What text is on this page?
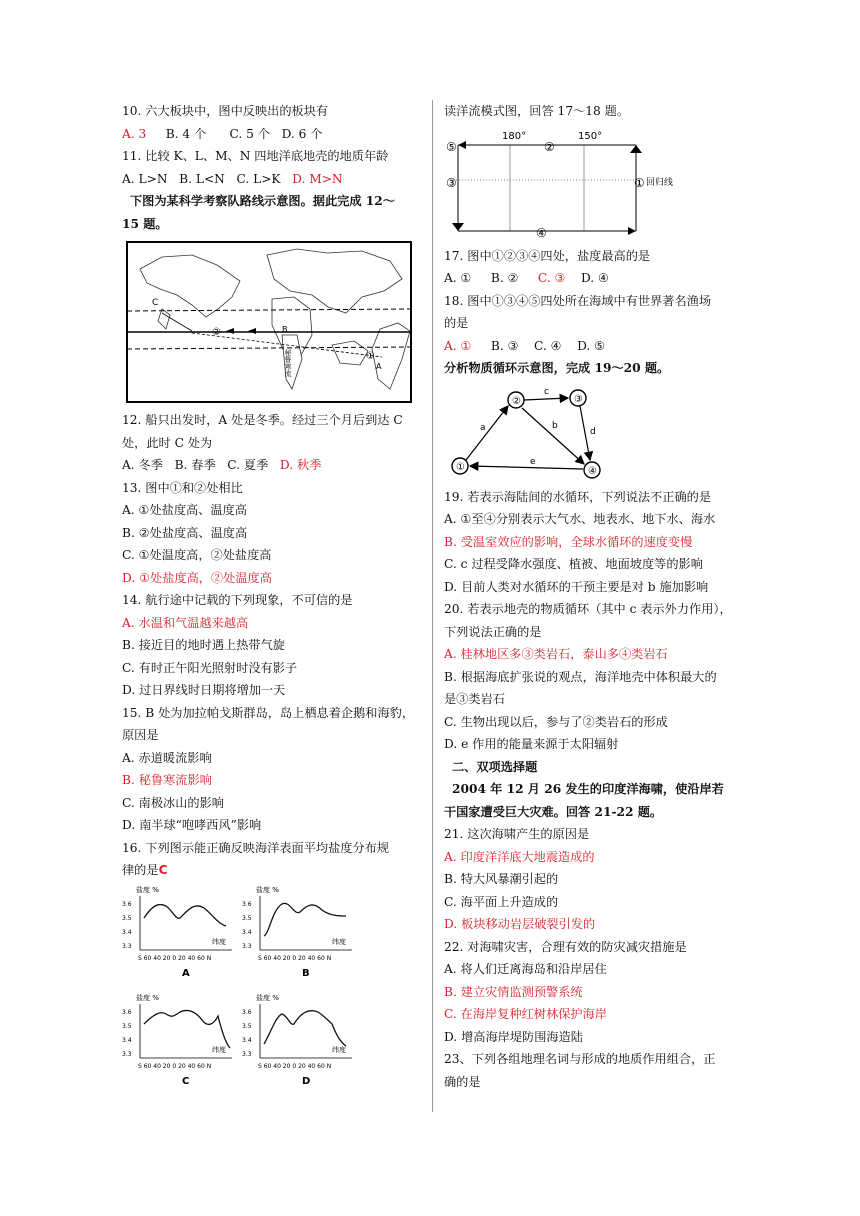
10. 六大板块中，图中反映出的板块有
A. 3 B. 4 个 C. 5 个 D. 6 个
11. 比较 K、L、M、N 四地洋底地壳的地质年龄
A. L>N B. L<N C. L>K D. M>N
下图为某科学考察队路线示意图。据此完成 12～
15 题。
C
B
A
②
①
秘鲁寒流
12. 船只出发时，A 处是冬季。经过三个月后到达 C
处，此时 C 处为
A. 冬季 B. 春季 C. 夏季 D. 秋季
13. 图中①和②处相比
A. ①处盐度高、温度高
B. ②处盐度高、温度高
C. ①处温度高，②处盐度高
D. ①处盐度高，②处温度高
14. 航行途中记载的下列现象，不可信的是
A. 水温和气温越来越高
B. 接近目的地时遇上热带气旋
C. 有时正午阳光照射时没有影子
D. 过日界线时日期将增加一天
15. B 处为加拉帕戈斯群岛，岛上栖息着企鹅和海豹，
原因是
A. 赤道暖流影响
B. 秘鲁寒流影响
C. 南极冰山的影响
D. 南半球“咆哮西风”影响
16. 下列图示能正确反映海洋表面平均盐度分布规
律的是C
盐度 %
3.6
3.5
3.4
3.3
纬度
S 60 40 20 0 20 40 60 N
A
盐度 %
3.6
3.5
3.4
3.3
纬度
S 60 40 20 0 20 40 60 N
B
盐度 %
3.6
3.5
3.4
3.3
纬度
S 60 40 20 0 20 40 60 N
C
盐度 %
3.6
3.5
3.4
3.3
纬度
S 60 40 20 0 20 40 60 N
D
读洋流模式图，回答 17～18 题。
180°	150°
回归线
①
②
③
④
⑤
17. 图中①②③④四处，盐度最高的是
A. ① B. ② C. ③ D. ④
18. 图中①③④⑤四处所在海域中有世界著名渔场
的是
A. ① B. ③ C. ④ D. ⑤
分析物质循环示意图，完成 19～20 题。
①
②	③
④
a	b
c
d
e
19. 若表示海陆间的水循环，下列说法不正确的是
A. ①至④分别表示大气水、地表水、地下水、海水
B. 受温室效应的影响，全球水循环的速度变慢
C. c 过程受降水强度、植被、地面坡度等的影响
D. 目前人类对水循环的干预主要是对 b 施加影响
20. 若表示地壳的物质循环（其中 c 表示外力作用），
下列说法正确的是
A. 桂林地区多③类岩石，泰山多④类岩石
B. 根据海底扩张说的观点，海洋地壳中体积最大的
是③类岩石
C. 生物出现以后，参与了②类岩石的形成
D. e 作用的能量来源于太阳辐射
二、双项选择题
2004 年 12 月 26 发生的印度洋海啸，使沿岸若
干国家遭受巨大灾难。回答 21-22 题。
21. 这次海啸产生的原因是
A. 印度洋洋底大地震造成的
B. 特大风暴潮引起的
C. 海平面上升造成的
D. 板块移动岩层破裂引发的
22. 对海啸灾害，合理有效的防灾减灾措施是
A. 将人们迁离海岛和沿岸居住
B. 建立灾情监测预警系统
C. 在海岸复种红树林保护海岸
D. 增高海岸堤防围海造陆
23、下列各组地理名词与形成的地质作用组合，正
确的是
